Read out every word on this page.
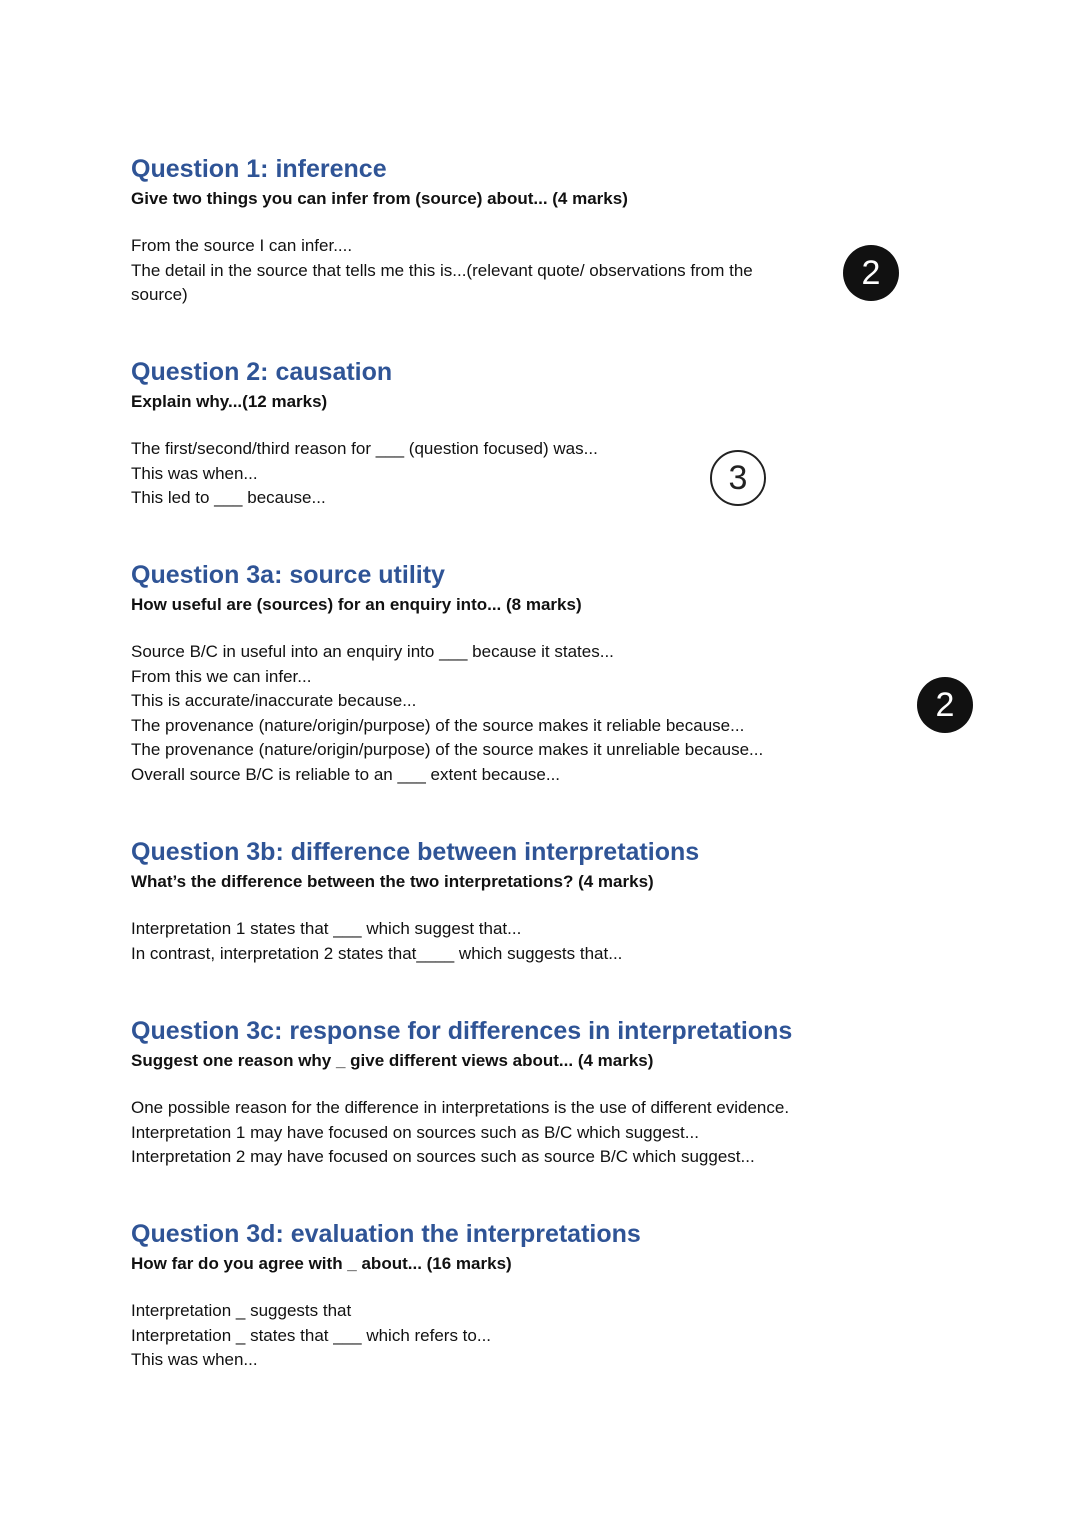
Question 1: inference
Give two things you can infer from (source) about... (4 marks)
From the source I can infer....
The detail in the source that tells me this is...(relevant quote/ observations from the
source)
Question 2: causation
Explain why...(12 marks)
The first/second/third reason for ___ (question focused) was...
This was when...
This led to ___ because...
Question 3a: source utility
How useful are (sources) for an enquiry into... (8 marks)
Source B/C in useful into an enquiry into ___ because it states...
From this we can infer...
This is accurate/inaccurate because...
The provenance (nature/origin/purpose) of the source makes it reliable because...
The provenance (nature/origin/purpose) of the source makes it unreliable because...
Overall source B/C is reliable to an ___ extent because...
Question 3b: difference between interpretations
What’s the difference between the two interpretations? (4 marks)
Interpretation 1 states that ___ which suggest that...
In contrast, interpretation 2 states that____ which suggests that...
Question 3c: response for differences in interpretations
Suggest one reason why _ give different views about... (4 marks)
One possible reason for the difference in interpretations is the use of different evidence.
Interpretation 1 may have focused on sources such as B/C which suggest...
Interpretation 2 may have focused on sources such as source B/C which suggest...
Question 3d: evaluation the interpretations
How far do you agree with _ about... (16 marks)
Interpretation _ suggests that
Interpretation _ states that ___ which refers to...
This was when...
2
3
2
